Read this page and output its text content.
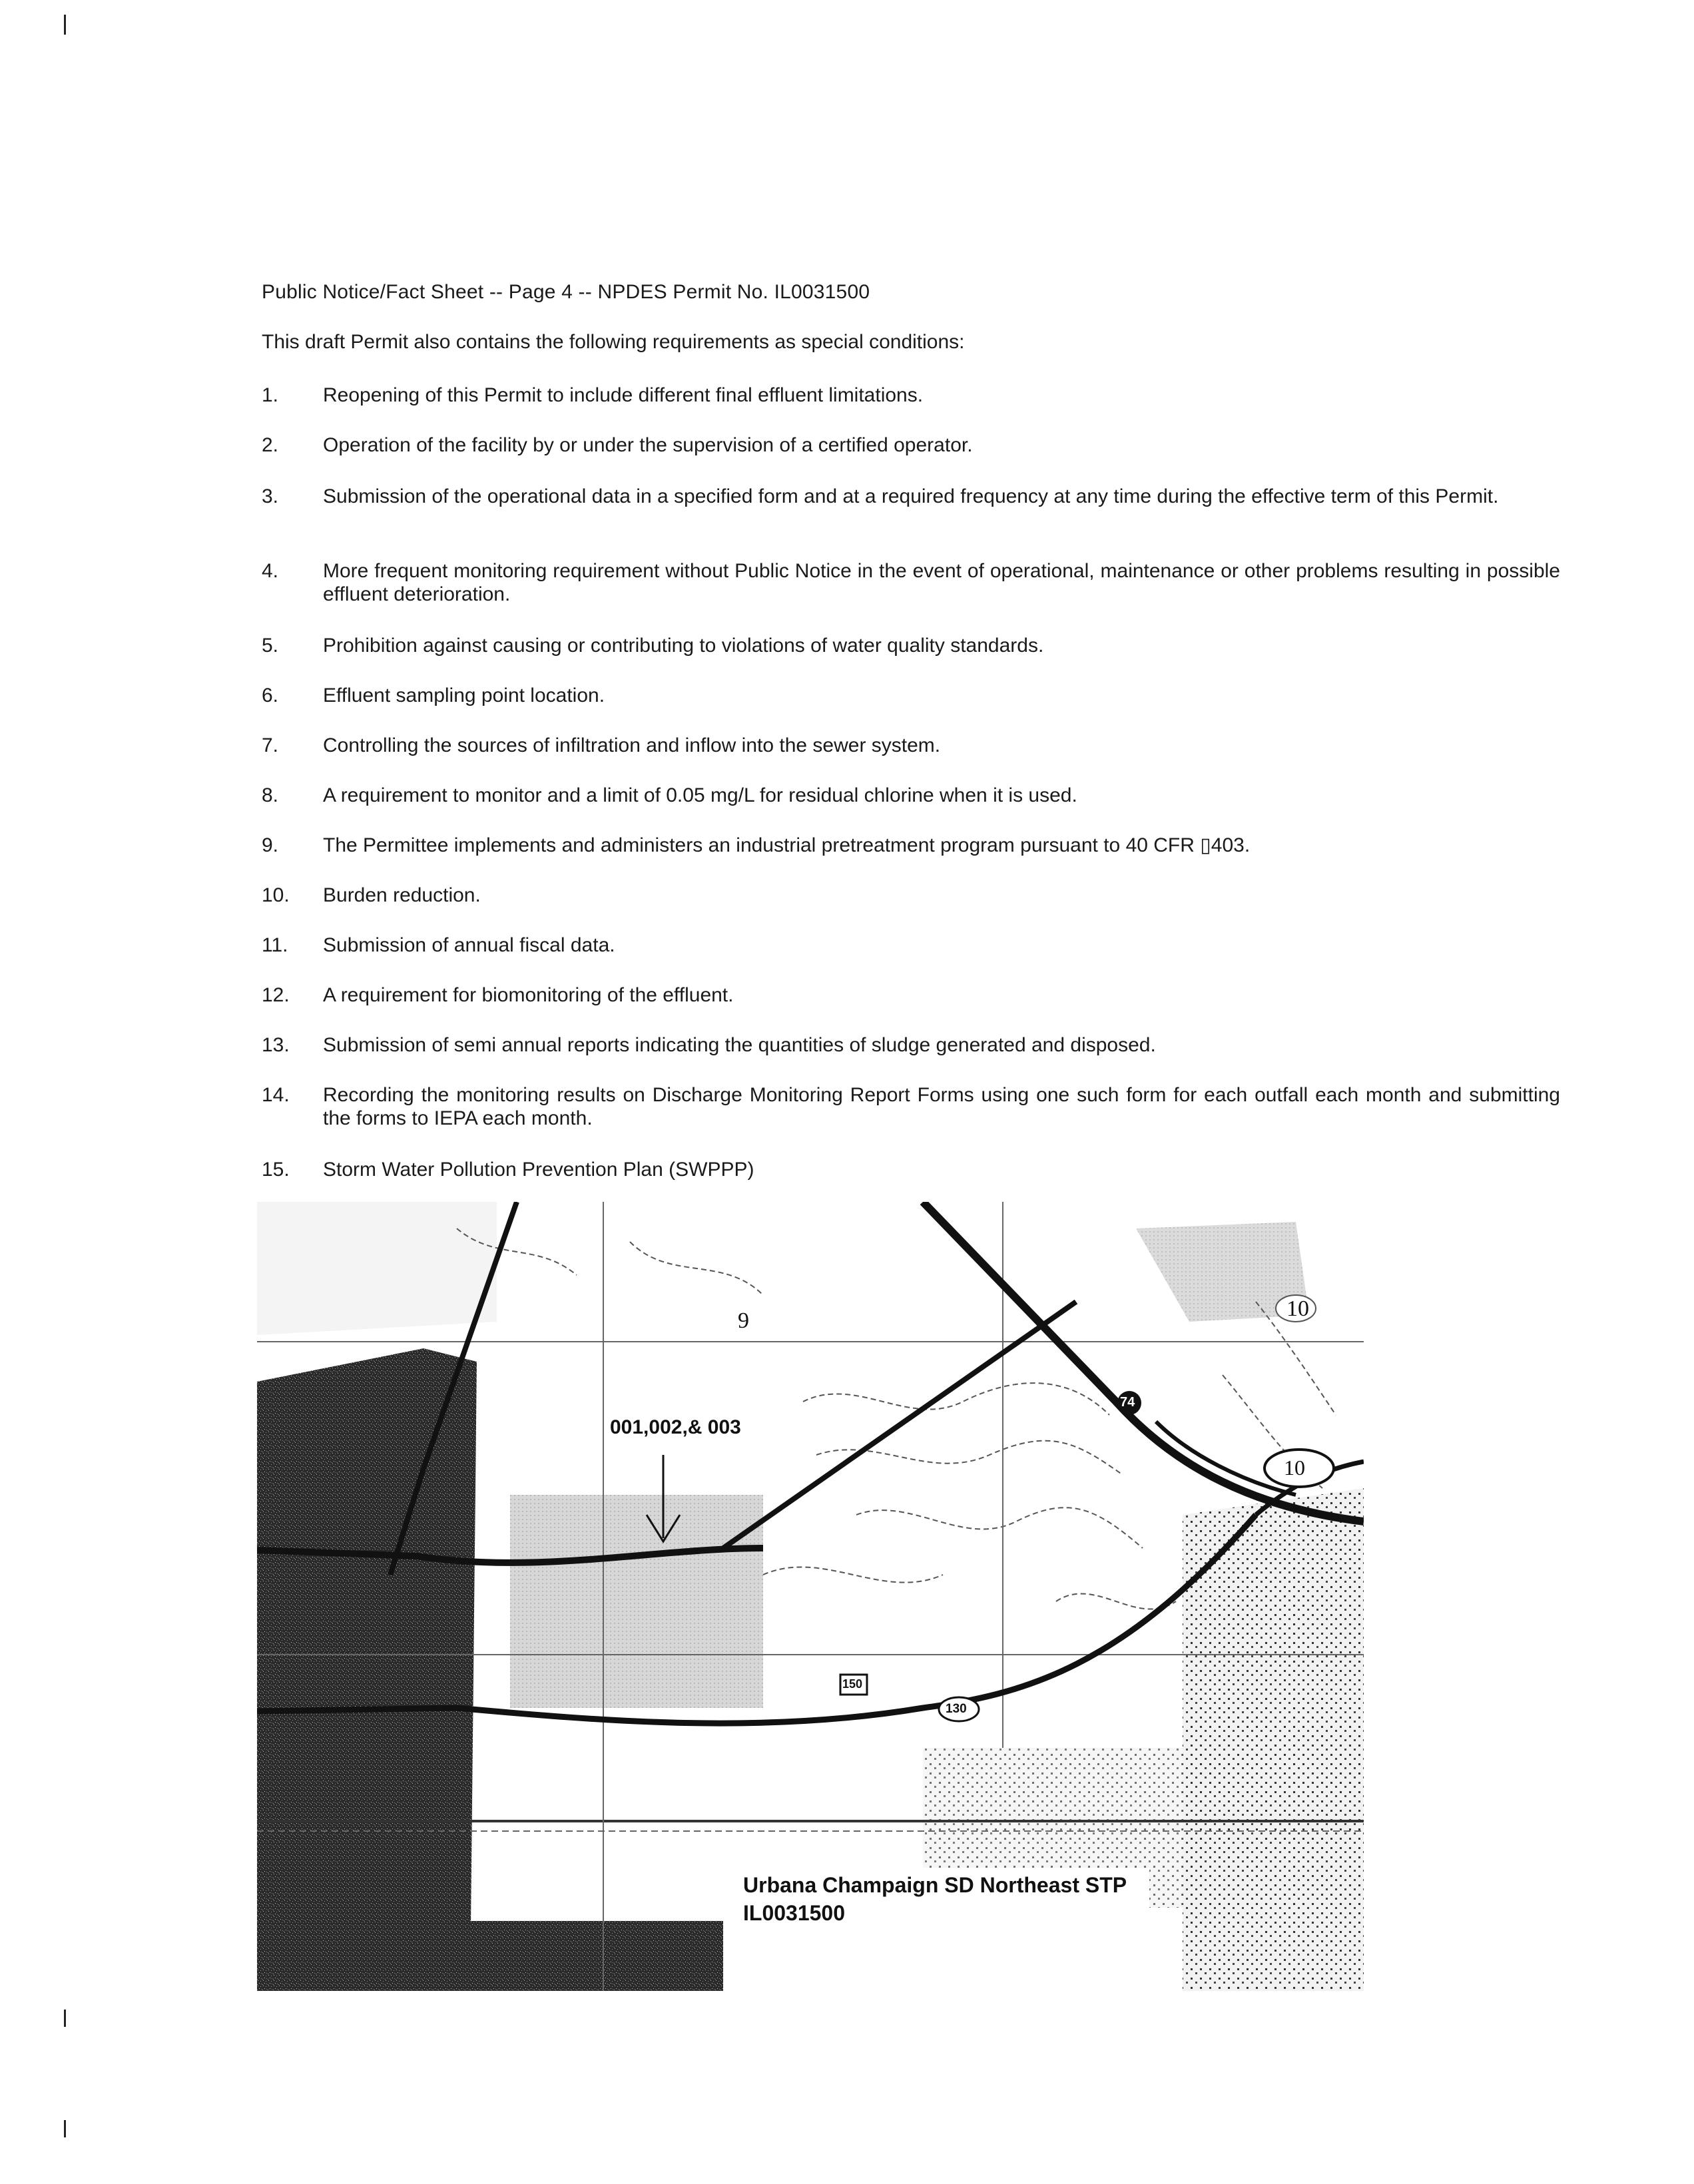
Public Notice/Fact Sheet -- Page 4 -- NPDES Permit No. IL0031500
This draft Permit also contains the following requirements as special conditions:
1. Reopening of this Permit to include different final effluent limitations.
2. Operation of the facility by or under the supervision of a certified operator.
3. Submission of the operational data in a specified form and at a required frequency at any time during the effective term of this Permit.
4. More frequent monitoring requirement without Public Notice in the event of operational, maintenance or other problems resulting in possible effluent deterioration.
5. Prohibition against causing or contributing to violations of water quality standards.
6. Effluent sampling point location.
7. Controlling the sources of infiltration and inflow into the sewer system.
8. A requirement to monitor and a limit of 0.05 mg/L for residual chlorine when it is used.
9. The Permittee implements and administers an industrial pretreatment program pursuant to 40 CFR ▯403.
10. Burden reduction.
11. Submission of annual fiscal data.
12. A requirement for biomonitoring of the effluent.
13. Submission of semi annual reports indicating the quantities of sludge generated and disposed.
14. Recording the monitoring results on Discharge Monitoring Report Forms using one such form for each outfall each month and submitting the forms to IEPA each month.
15. Storm Water Pollution Prevention Plan (SWPPP)
001,002,& 003
74
10
130
150
9	10
Urbana Champaign SD Northeast STP
IL0031500
